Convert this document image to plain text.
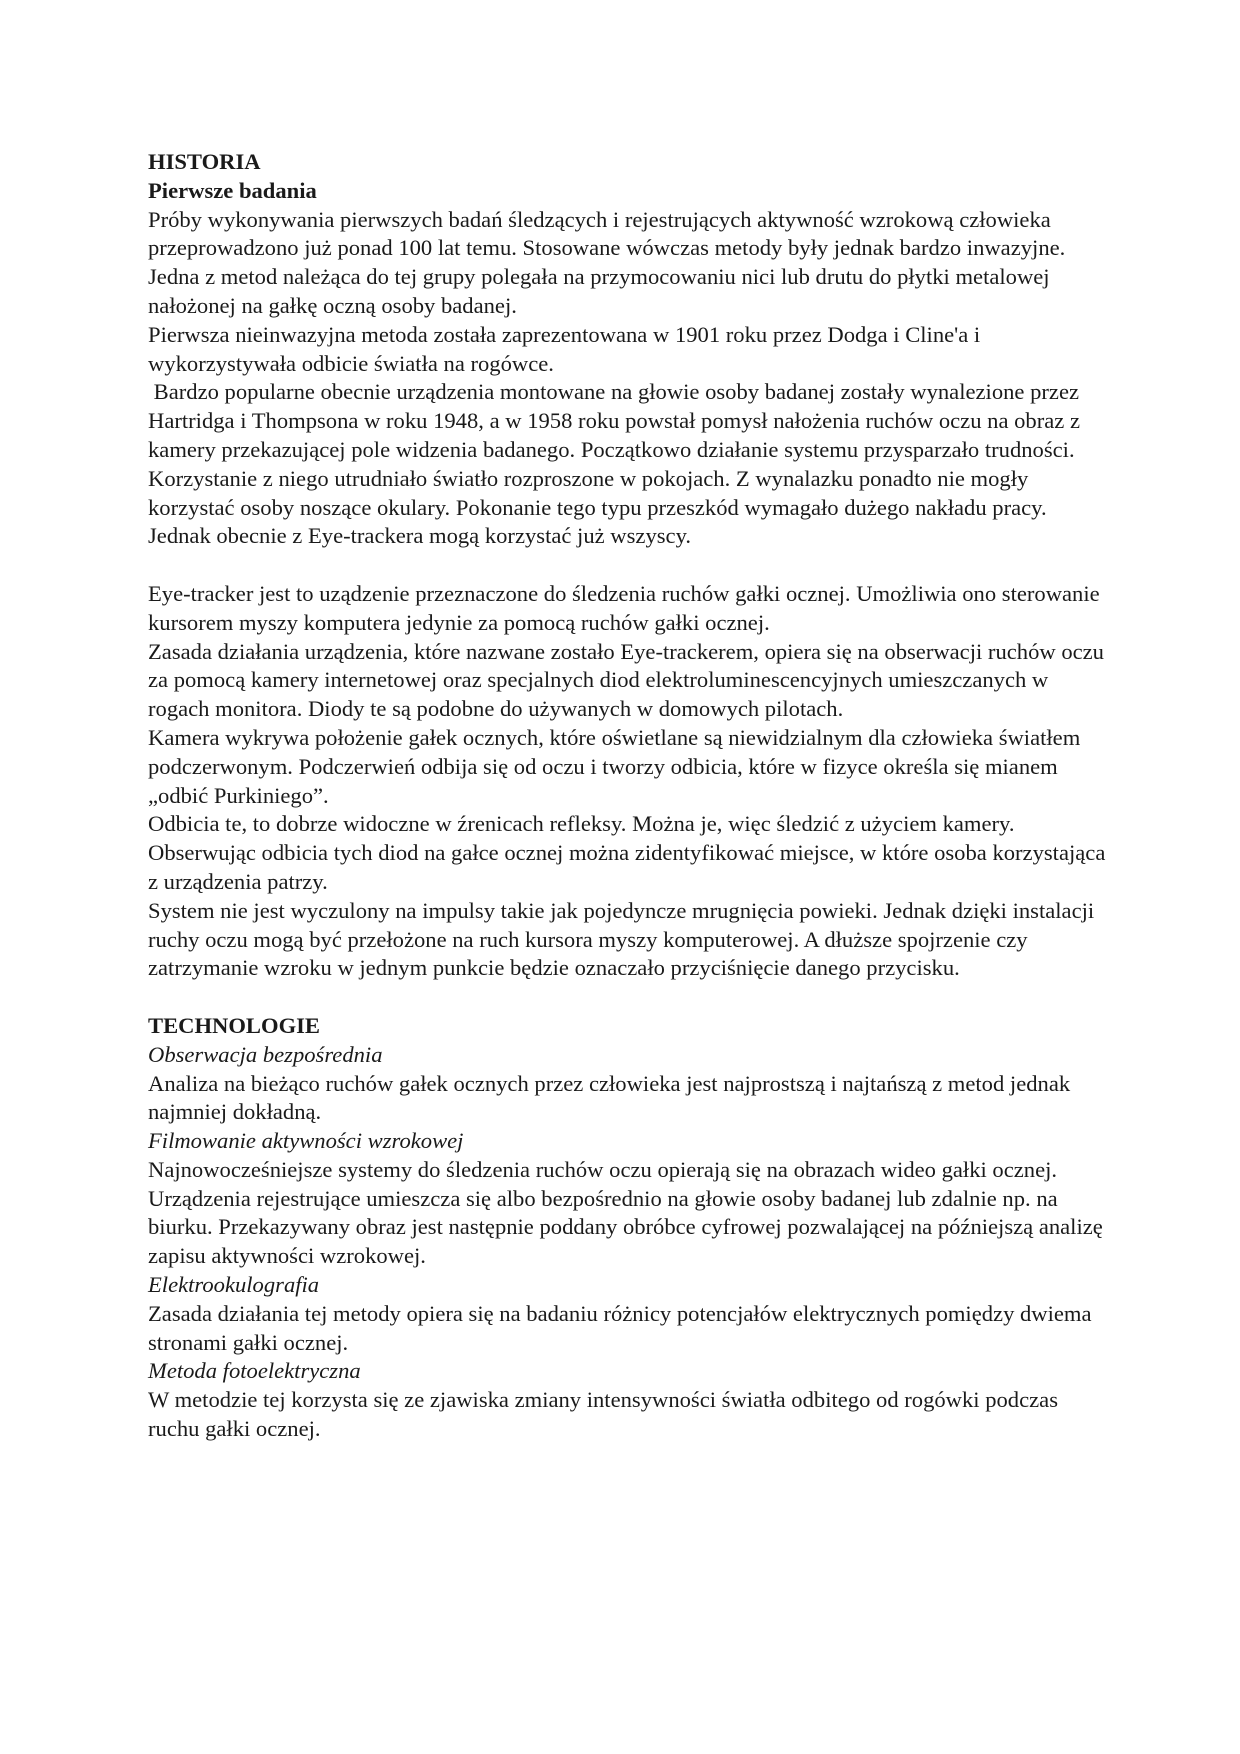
HISTORIA

Pierwsze badania

Próby wykonywania pierwszych badań śledzących i rejestrujących aktywność wzrokową człowieka przeprowadzono już ponad 100 lat temu. Stosowane wówczas metody były jednak bardzo inwazyjne. Jedna z metod należąca do tej grupy polegała na przymocowaniu nici lub drutu do płytki metalowej nałożonej na gałkę oczną osoby badanej.

Pierwsza nieinwazyjna metoda została zaprezentowana w 1901 roku przez Dodga i Cline'a i wykorzystywała odbicie światła na rogówce.

Bardzo popularne obecnie urządzenia montowane na głowie osoby badanej zostały wynalezione przez Hartridga i Thompsona w roku 1948, a w 1958 roku powstał pomysł nałożenia ruchów oczu na obraz z kamery przekazującej pole widzenia badanego. Początkowo działanie systemu przysparzało trudności. Korzystanie z niego utrudniało światło rozproszone w pokojach. Z wynalazku ponadto nie mogły korzystać osoby noszące okulary. Pokonanie tego typu przeszkód wymagało dużego nakładu pracy. Jednak obecnie z Eye-trackera mogą korzystać już wszyscy.

Eye-tracker jest to uządzenie przeznaczone do śledzenia ruchów gałki ocznej. Umożliwia ono sterowanie kursorem myszy komputera jedynie za pomocą ruchów gałki ocznej.

Zasada działania urządzenia, które nazwane zostało Eye-trackerem, opiera się na obserwacji ruchów oczu za pomocą kamery internetowej oraz specjalnych diod elektroluminescencyjnych umieszczanych w rogach monitora. Diody te są podobne do używanych w domowych pilotach.

Kamera wykrywa położenie gałek ocznych, które oświetlane są niewidzialnym dla człowieka światłem podczerwonym. Podczerwień odbija się od oczu i tworzy odbicia, które w fizyce określa się mianem „odbić Purkiniego”.

Odbicia te, to dobrze widoczne w źrenicach refleksy. Można je, więc śledzić z użyciem kamery. Obserwując odbicia tych diod na gałce ocznej można zidentyfikować miejsce, w które osoba korzystająca z urządzenia patrzy.

System nie jest wyczulony na impulsy takie jak pojedyncze mrugnięcia powieki. Jednak dzięki instalacji ruchy oczu mogą być przełożone na ruch kursora myszy komputerowej. A dłuższe spojrzenie czy zatrzymanie wzroku w jednym punkcie będzie oznaczało przyciśnięcie danego przycisku.

TECHNOLOGIE

Obserwacja bezpośrednia

Analiza na bieżąco ruchów gałek ocznych przez człowieka jest najprostszą i najtańszą z metod jednak najmniej dokładną.

Filmowanie aktywności wzrokowej

Najnowocześniejsze systemy do śledzenia ruchów oczu opierają się na obrazach wideo gałki ocznej. Urządzenia rejestrujące umieszcza się albo bezpośrednio na głowie osoby badanej lub zdalnie np. na biurku. Przekazywany obraz jest następnie poddany obróbce cyfrowej pozwalającej na późniejszą analizę zapisu aktywności wzrokowej.

Elektrookulografia

Zasada działania tej metody opiera się na badaniu różnicy potencjałów elektrycznych pomiędzy dwiema stronami gałki ocznej.

Metoda fotoelektryczna

W metodzie tej korzysta się ze zjawiska zmiany intensywności światła odbitego od rogówki podczas ruchu gałki ocznej.
